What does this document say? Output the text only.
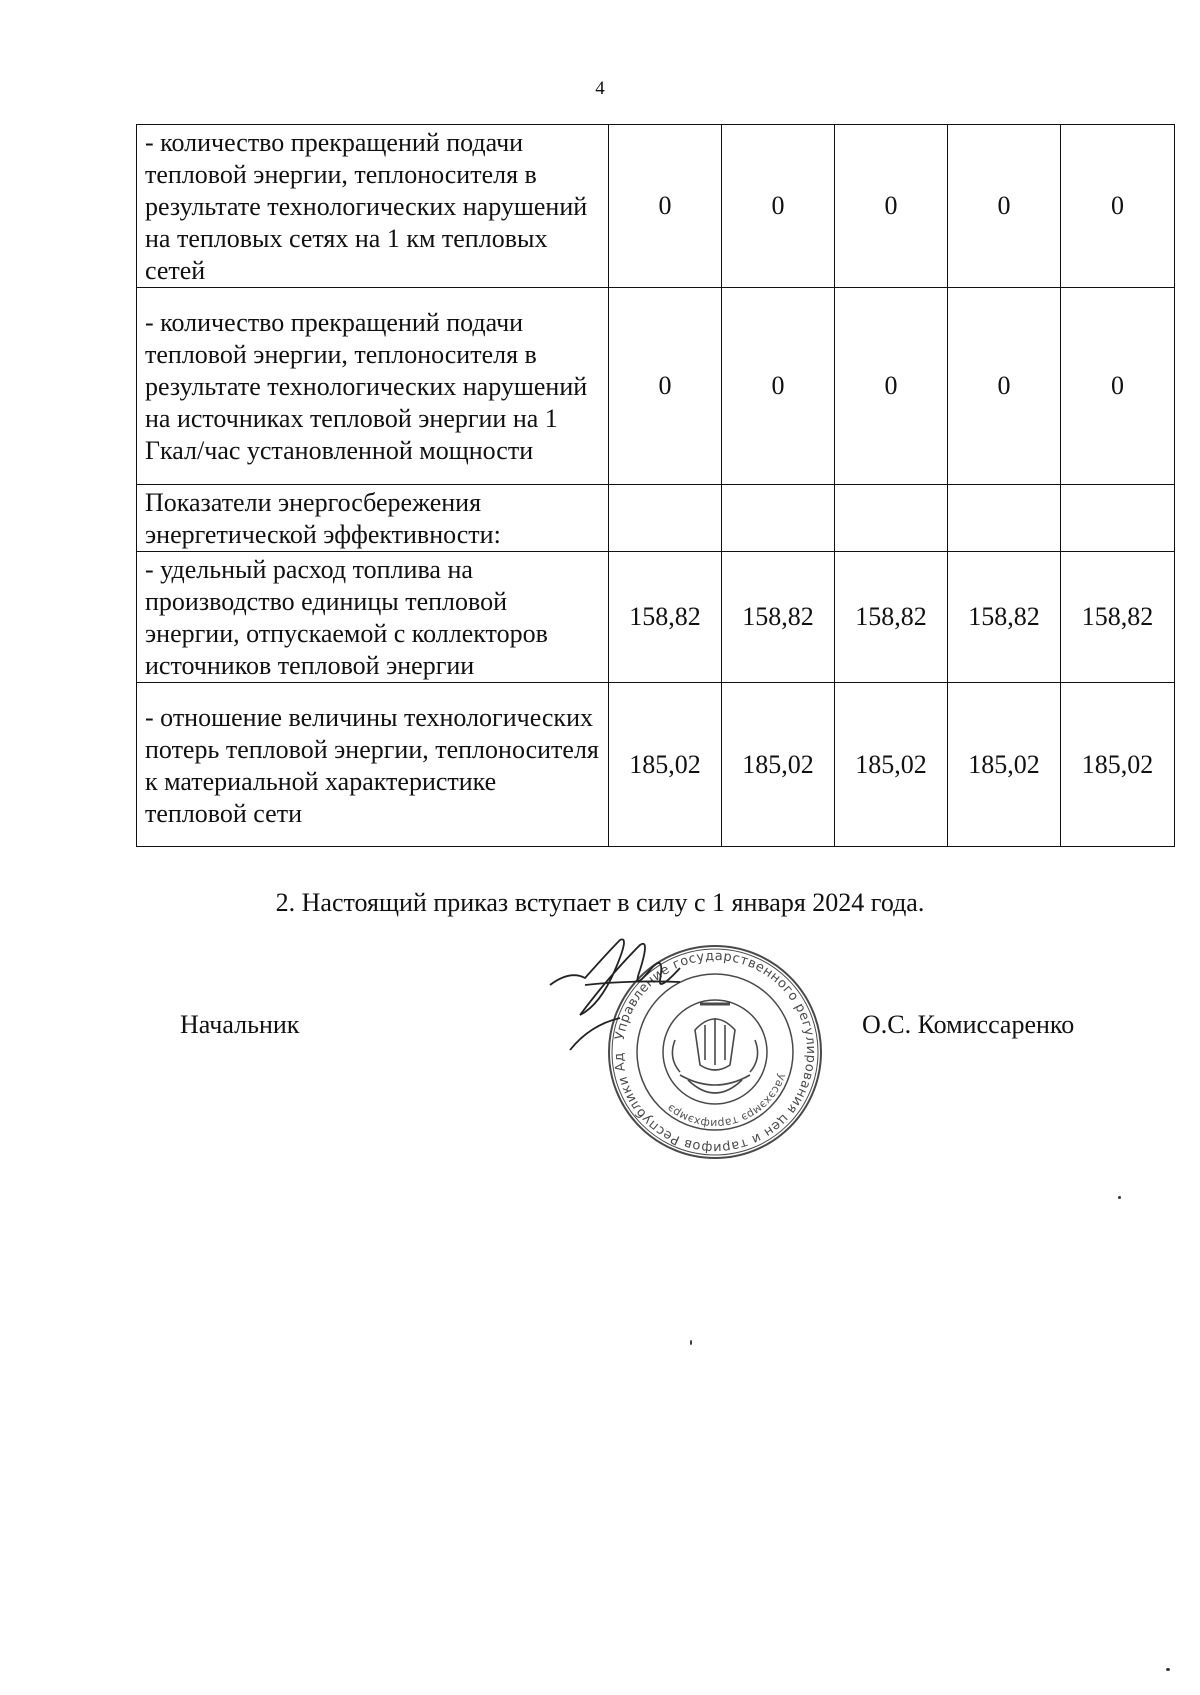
4
- количество прекращений подачи тепловой энергии, теплоносителя в результате технологических нарушений на тепловых сетях на 1 км тепловых сетей	0	0	0	0	0
- количество прекращений подачи тепловой энергии, теплоносителя в результате технологических нарушений на источниках тепловой энергии на 1 Гкал/час установленной мощности	0	0	0	0	0
Показатели энергосбережения энергетической эффективности:					
- удельный расход топлива на производство единицы тепловой энергии, отпускаемой с коллекторов источников тепловой энергии	158,82	158,82	158,82	158,82	158,82
- отношение величины технологических потерь тепловой энергии, теплоносителя к материальной характеристике тепловой сети	185,02	185,02	185,02	185,02	185,02
2. Настоящий приказ вступает в силу с 1 января 2024 года.
Начальник	Управление государственного регулирования цен и тарифов Республики Ад
уасэхэмрэ тарифхэмрэ
О.С. Комиссаренко
